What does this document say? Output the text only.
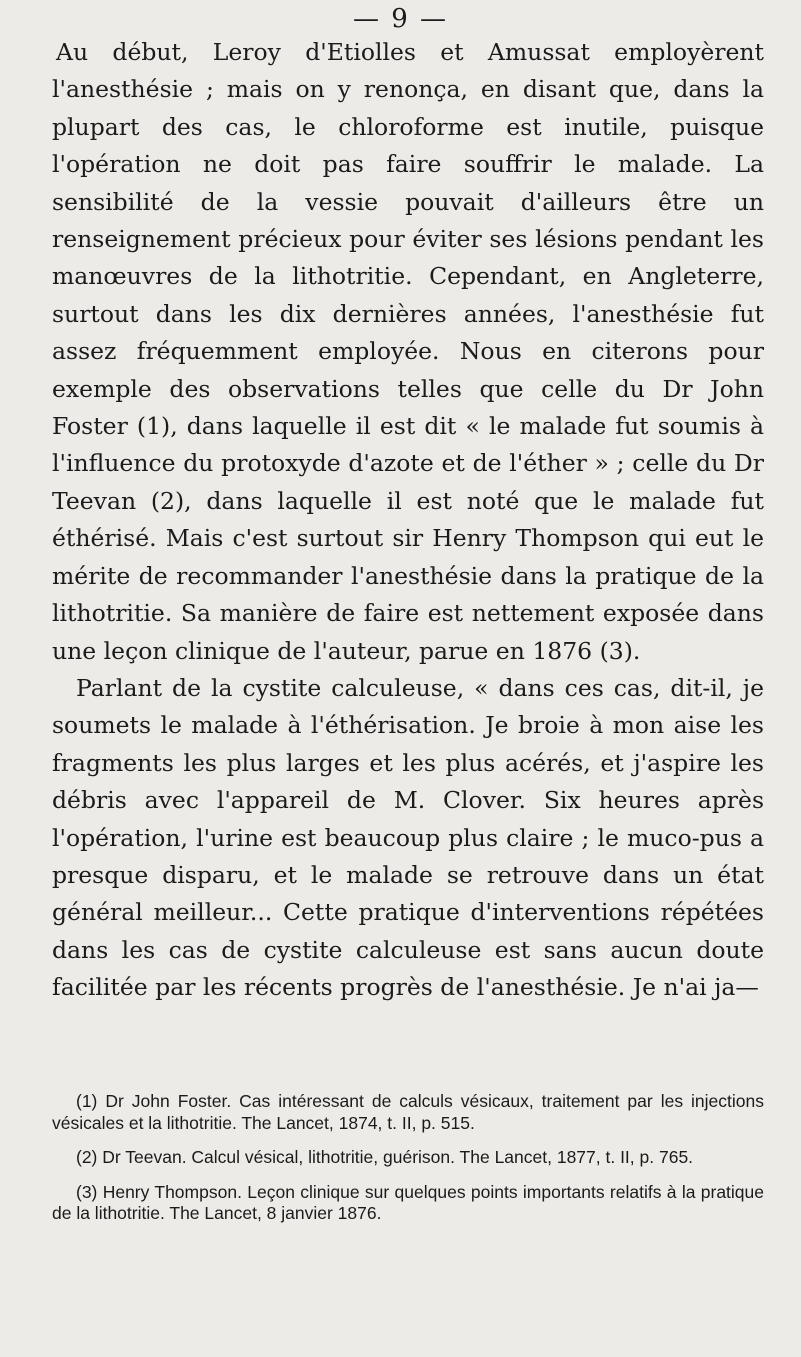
— 9 —

Au début, Leroy d'Etiolles et Amussat employèrent l'anesthésie ; mais on y renonça, en disant que, dans la plupart des cas, le chloroforme est inutile, puisque l'opération ne doit pas faire souffrir le malade. La sensibilité de la vessie pouvait d'ailleurs être un renseignement précieux pour éviter ses lésions pendant les manœuvres de la lithotritie. Cependant, en Angleterre, surtout dans les dix dernières années, l'anesthésie fut assez fréquemment employée. Nous en citerons pour exemple des observations telles que celle du Dr John Foster (1), dans laquelle il est dit « le malade fut soumis à l'influence du protoxyde d'azote et de l'éther » ; celle du Dr Teevan (2), dans laquelle il est noté que le malade fut éthérisé. Mais c'est surtout sir Henry Thompson qui eut le mérite de recommander l'anesthésie dans la pratique de la lithotritie. Sa manière de faire est nettement exposée dans une leçon clinique de l'auteur, parue en 1876 (3).

Parlant de la cystite calculeuse, « dans ces cas, dit-il, je soumets le malade à l'éthérisation. Je broie à mon aise les fragments les plus larges et les plus acérés, et j'aspire les débris avec l'appareil de M. Clover. Six heures après l'opération, l'urine est beaucoup plus claire ; le muco-pus a presque disparu, et le malade se retrouve dans un état général meilleur... Cette pratique d'interventions répétées dans les cas de cystite calculeuse est sans aucun doute facilitée par les récents progrès de l'anesthésie. Je n'ai ja—

(1) Dr John Foster. Cas intéressant de calculs vésicaux, traitement par les injections vésicales et la lithotritie. The Lancet, 1874, t. II, p. 515.

(2) Dr Teevan. Calcul vésical, lithotritie, guérison. The Lancet, 1877, t. II, p. 765.

(3) Henry Thompson. Leçon clinique sur quelques points importants relatifs à la pratique de la lithotritie. The Lancet, 8 janvier 1876.
